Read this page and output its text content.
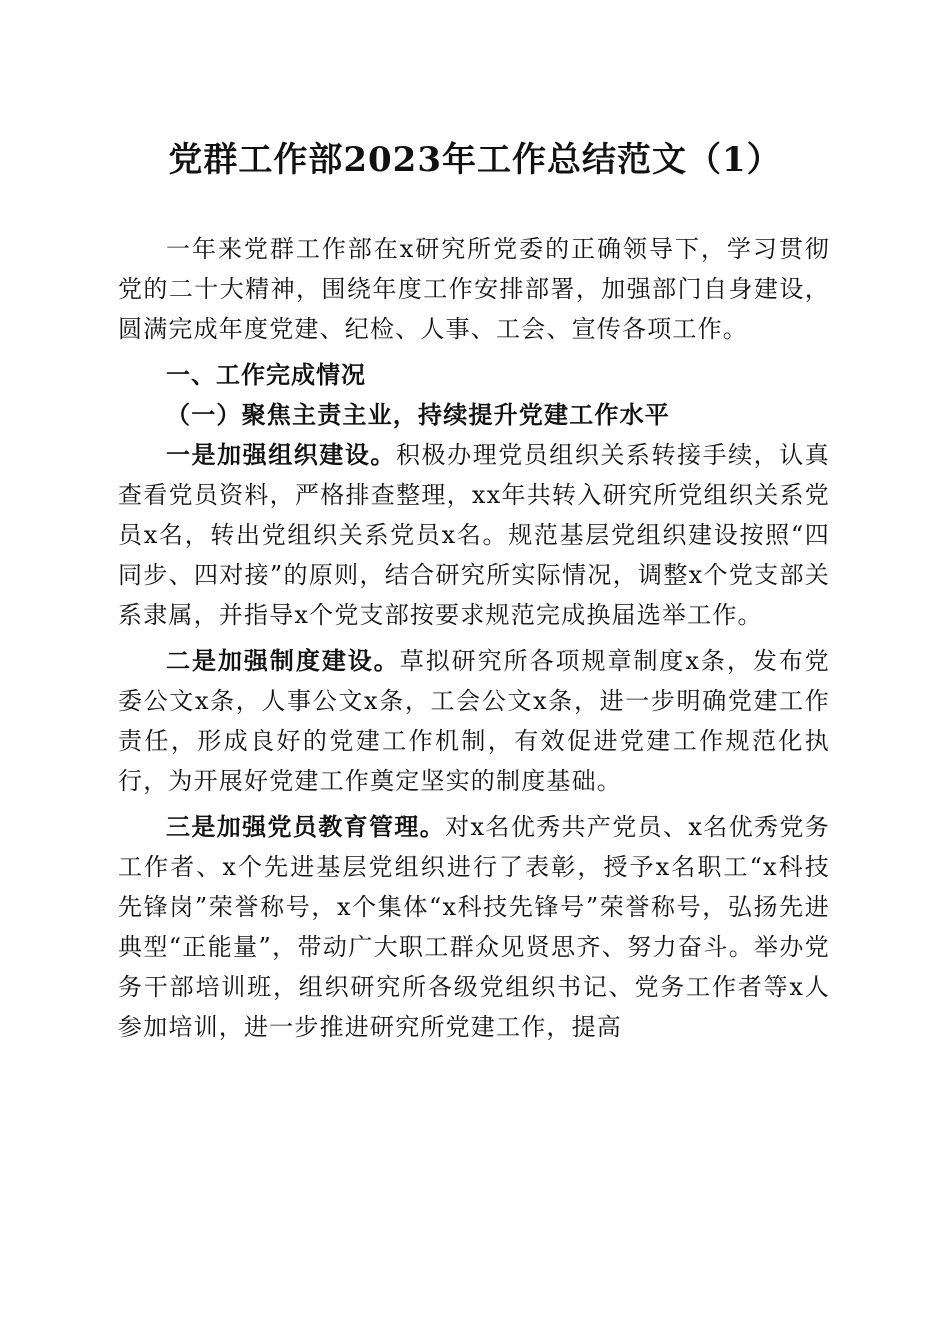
党群工作部2023年工作总结范文（1）

一年来党群工作部在x研究所党委的正确领导下，学习贯彻党的二十大精神，围绕年度工作安排部署，加强部门自身建设，圆满完成年度党建、纪检、人事、工会、宣传各项工作。

一、工作完成情况

（一）聚焦主责主业，持续提升党建工作水平

一是加强组织建设。积极办理党员组织关系转接手续，认真查看党员资料，严格排查整理，xx年共转入研究所党组织关系党员x名，转出党组织关系党员x名。规范基层党组织建设按照“四同步、四对接”的原则，结合研究所实际情况，调整x个党支部关系隶属，并指导x个党支部按要求规范完成换届选举工作。

二是加强制度建设。草拟研究所各项规章制度x条，发布党委公文x条，人事公文x条，工会公文x条，进一步明确党建工作责任，形成良好的党建工作机制，有效促进党建工作规范化执行，为开展好党建工作奠定坚实的制度基础。

三是加强党员教育管理。对x名优秀共产党员、x名优秀党务工作者、x个先进基层党组织进行了表彰，授予x名职工“x科技先锋岗”荣誉称号，x个集体“x科技先锋号”荣誉称号，弘扬先进典型“正能量”，带动广大职工群众见贤思齐、努力奋斗。举办党务干部培训班，组织研究所各级党组织书记、党务工作者等x人参加培训，进一步推进研究所党建工作，提高
